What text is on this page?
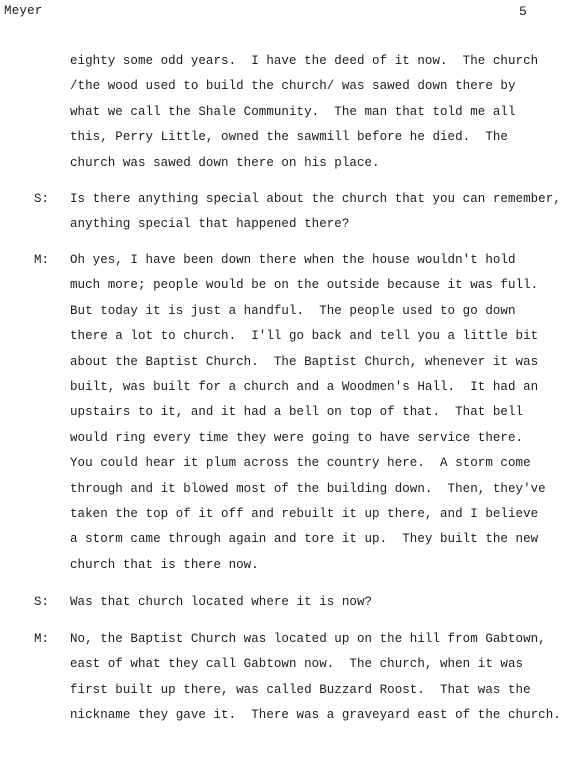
Meyer	5
eighty some odd years.  I have the deed of it now.  The church
/the wood used to build the church/ was sawed down there by
what we call the Shale Community.  The man that told me all
this, Perry Little, owned the sawmill before he died.  The
church was sawed down there on his place.
S: Is there anything special about the church that you can remember,
anything special that happened there?
M: Oh yes, I have been down there when the house wouldn't hold
much more; people would be on the outside because it was full.
But today it is just a handful.  The people used to go down
there a lot to church.  I'll go back and tell you a little bit
about the Baptist Church.  The Baptist Church, whenever it was
built, was built for a church and a Woodmen's Hall.  It had an
upstairs to it, and it had a bell on top of that.  That bell
would ring every time they were going to have service there.
You could hear it plum across the country here.  A storm come
through and it blowed most of the building down.  Then, they've
taken the top of it off and rebuilt it up there, and I believe
a storm came through again and tore it up.  They built the new
church that is there now.
S: Was that church located where it is now?
M: No, the Baptist Church was located up on the hill from Gabtown,
east of what they call Gabtown now.  The church, when it was
first built up there, was called Buzzard Roost.  That was the
nickname they gave it.  There was a graveyard east of the church.
